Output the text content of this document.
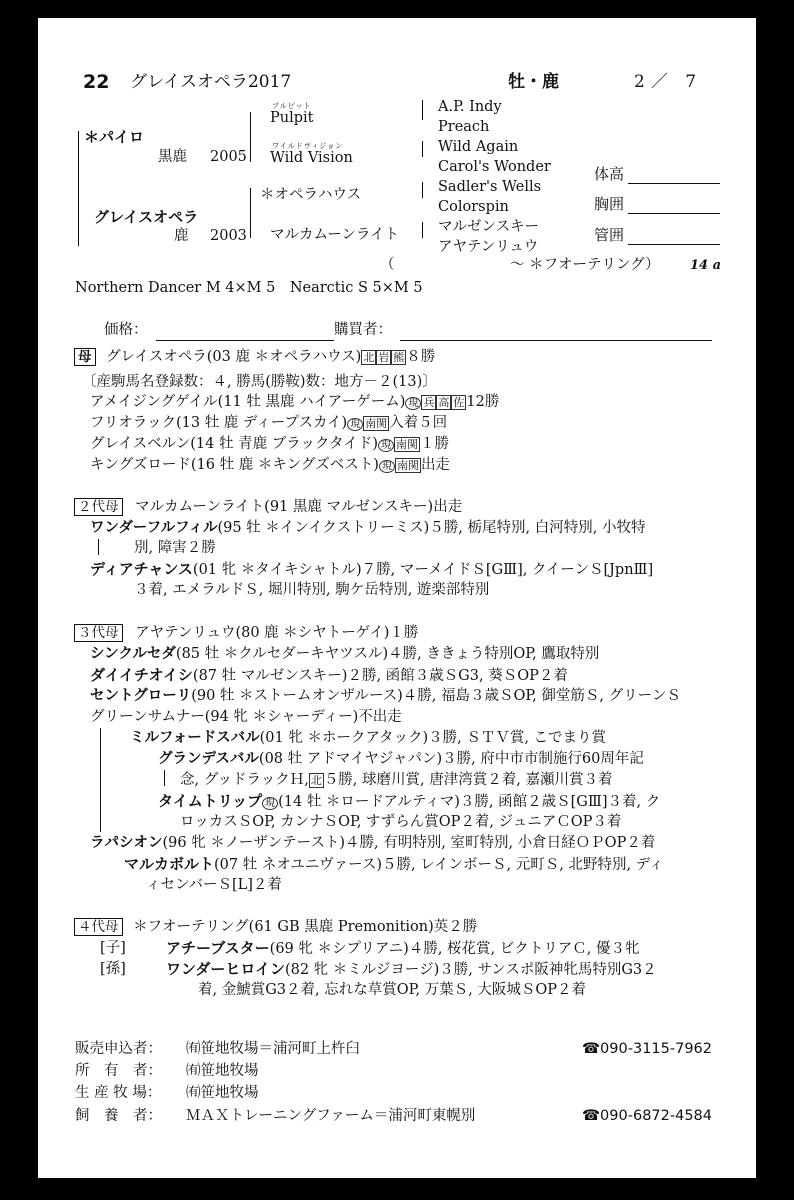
22 グレイスオペラ2017	牡・鹿	2／ 7
＊パイロ
黒鹿 2005
グレイスオペラ
鹿 2003
プルピット
Pulpit
ワイルドヴィジョン
Wild Vision
＊オペラハウス
マルカムーンライト
A.P. Indy
Preach
Wild Again
Carol's Wonder
Sadler's Wells
Colorspin
マルゼンスキー
アヤテンリュウ
体高
胸囲
管囲
（	～ ＊フオーテリング） 14 a
Northern Dancer M 4×M 5　Nearctic S 5×M 5
価格：	購買者：
母 グレイスオペラ(03 鹿 ＊オペラハウス) 北 岩 熊 ８勝
〔産駒馬名登録数：４, 勝馬(勝鞍)数：地方－２(13)〕
アメイジングゲイル(11 牡 黒鹿 ハイアーゲーム) 現 兵 高 佐 12勝
フリオラック(13 牡 鹿 ディープスカイ) 現 南関 入着５回
グレイスベルン(14 牡 青鹿 ブラックタイド) 現 南関 １勝
キングズロード(16 牡 鹿 ＊キングズベスト) 現 南関 出走
２代母 マルカムーンライト(91 黒鹿 マルゼンスキー)出走
ワンダーフルフィル(95 牡 ＊インイクストリーミス)５勝, 栃尾特別, 白河特別, 小牧特
別, 障害２勝
ディアチャンス(01 牝 ＊タイキシャトル)７勝, マーメイドＳ[GⅢ], クイーンＳ[JpnⅢ]
３着, エメラルドＳ, 堀川特別, 駒ケ岳特別, 遊楽部特別
３代母 アヤテンリュウ(80 鹿 ＊シヤトーゲイ)１勝
シンクルセダ(85 牡 ＊クルセダーキヤツスル)４勝, ききょう特別OP, 鷹取特別
ダイイチオイシ(87 牡 マルゼンスキー)２勝, 函館３歳ＳG3, 葵ＳOP２着
セントグローリ(90 牡 ＊ストームオンザルース)４勝, 福島３歳ＳOP, 御堂筋Ｓ, グリーンＳ
グリーンサムナー(94 牝 ＊シャーディー)不出走
ミルフォードスバル(01 牝 ＊ホークアタック)３勝, ＳＴＶ賞, こでまり賞
グランデスバル(08 牡 アドマイヤジャパン)３勝, 府中市市制施行60周年記
念, グッドラックＨ, 北 ５勝, 球磨川賞, 唐津湾賞２着, 嘉瀬川賞３着
タイムトリップ 現 (14 牡 ＊ロードアルティマ)３勝, 函館２歳Ｓ[GⅢ]３着, ク
ロッカスＳOP, カンナＳOP, すずらん賞OP２着, ジュニアＣOP３着
ラパシオン(96 牝 ＊ノーザンテースト)４勝, 有明特別, 室町特別, 小倉日経ＯＰOP２着
マルカボルト(07 牡 ネオユニヴァース)５勝, レインボーＳ, 元町Ｓ, 北野特別, ディ
ィセンバーＳ[L]２着
４代母 ＊フオーテリング(61 GB 黒鹿 Premonition)英２勝
[子]	アチーブスター(69 牝 ＊シプリアニ)４勝, 桜花賞, ビクトリアＣ, 優３牝
[孫]	ワンダーヒロイン(82 牝 ＊ミルジヨージ)３勝, サンスポ阪神牝馬特別G3２
着, 金鯱賞G3２着, 忘れな草賞OP, 万葉Ｓ, 大阪城ＳOP２着
販売申込者： ㈲笹地牧場＝浦河町上杵臼	☎090-3115-7962
所　有　者： ㈲笹地牧場
生 産 牧 場： ㈲笹地牧場
飼　養　者： ＭＡＸトレーニングファーム＝浦河町東幌別	☎090-6872-4584
